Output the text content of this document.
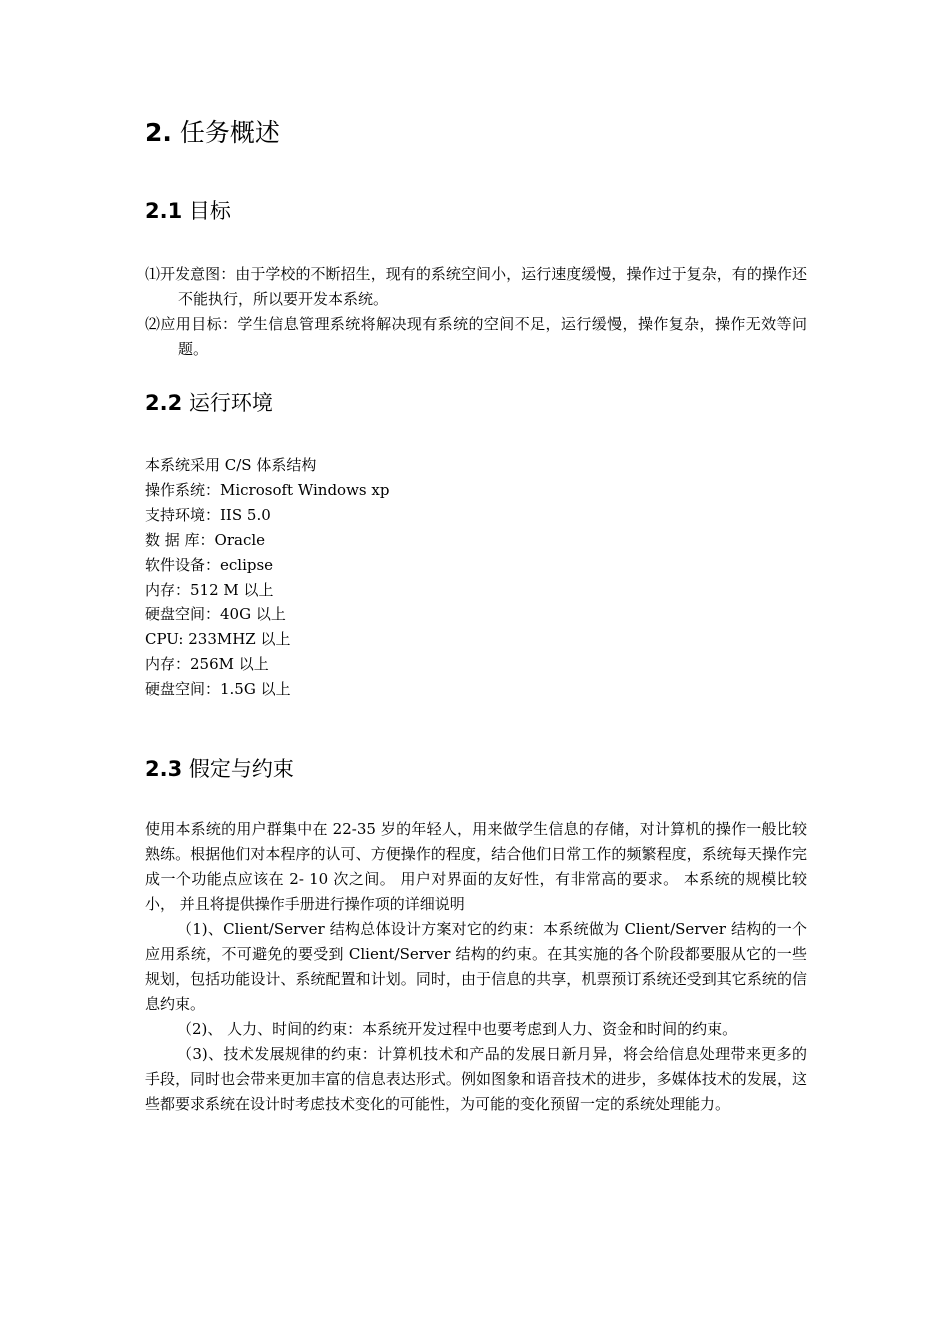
2. 任务概述
2.1 目标
⑴开发意图：由于学校的不断招生，现有的系统空间小，运行速度缓慢，操作过于复杂，有的操作还不能执行，所以要开发本系统。
⑵应用目标：学生信息管理系统将解决现有系统的空间不足，运行缓慢，操作复杂，操作无效等问题。
2.2 运行环境
本系统采用 C/S 体系结构
操作系统：Microsoft Windows xp
支持环境：IIS 5.0
数 据 库：Oracle
软件设备：eclipse
内存：512 M 以上
硬盘空间：40G 以上
CPU: 233MHZ 以上
内存：256M 以上
硬盘空间：1.5G 以上
2.3 假定与约束

使用本系统的用户群集中在 22-35 岁的年轻人，用来做学生信息的存储，对计算机的操作一般比较熟练。根据他们对本程序的认可、方便操作的程度，结合他们日常工作的频繁程度，系统每天操作完成一个功能点应该在 2- 10 次之间。 用户对界面的友好性，有非常高的要求。 本系统的规模比较小， 并且将提供操作手册进行操作项的详细说明

（1)、Client/Server 结构总体设计方案对它的约束：本系统做为 Client/Server 结构的一个应用系统，不可避免的要受到 Client/Server 结构的约束。在其实施的各个阶段都要服从它的一些规划，包括功能设计、系统配置和计划。同时，由于信息的共享，机票预订系统还受到其它系统的信息约束。

（2)、 人力、时间的约束：本系统开发过程中也要考虑到人力、资金和时间的约束。

（3)、技术发展规律的约束：计算机技术和产品的发展日新月异，将会给信息处理带来更多的手段，同时也会带来更加丰富的信息表达形式。例如图象和语音技术的进步，多媒体技术的发展，这些都要求系统在设计时考虑技术变化的可能性，为可能的变化预留一定的系统处理能力。
